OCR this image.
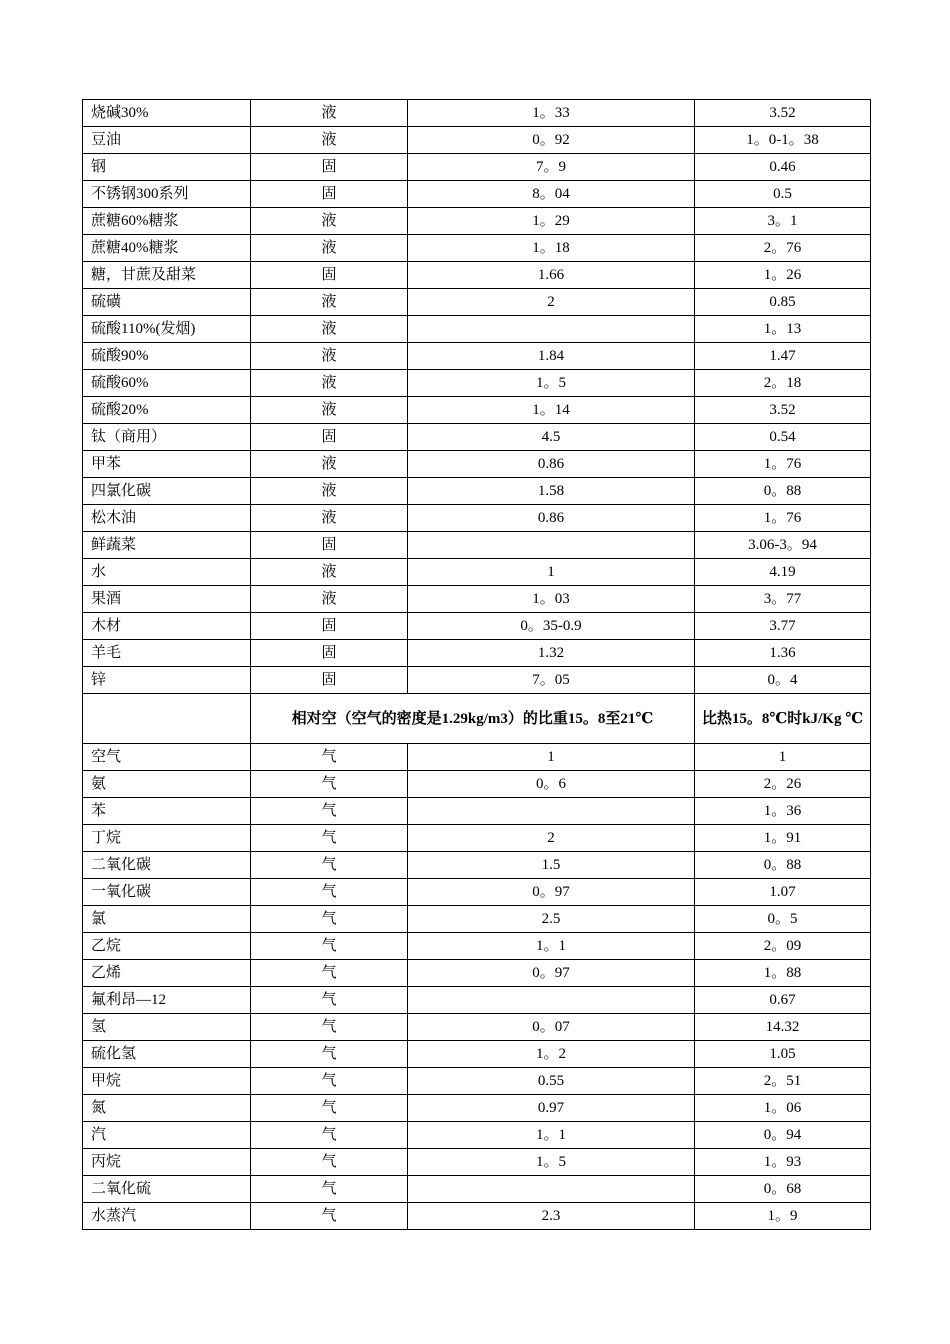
烧碱30%	液	1。33	3.52
豆油	液	0。92	1。0-1。38
钢	固	7。9	0.46
不锈钢300系列	固	8。04	0.5
蔗糖60%糖浆	液	1。29	3。1
蔗糖40%糖浆	液	1。18	2。76
糖，甘蔗及甜菜	固	1.66	1。26
硫磺	液	2	0.85
硫酸110%(发烟)	液		1。13
硫酸90%	液	1.84	1.47
硫酸60%	液	1。5	2。18
硫酸20%	液	1。14	3.52
钛（商用）	固	4.5	0.54
甲苯	液	0.86	1。76
四氯化碳	液	1.58	0。88
松木油	液	0.86	1。76
鲜蔬菜	固		3.06-3。94
水	液	1	4.19
果酒	液	1。03	3。77
木材	固	0。35-0.9	3.77
羊毛	固	1.32	1.36
锌	固	7。05	0。4
	相对空（空气的密度是1.29kg/m3）的比重15。8至21℃		比热15。8℃时kJ/Kg ℃
空气	气	1	1
氨	气	0。6	2。26
苯	气		1。36
丁烷	气	2	1。91
二氧化碳	气	1.5	0。88
一氧化碳	气	0。97	1.07
氯	气	2.5	0。5
乙烷	气	1。1	2。09
乙烯	气	0。97	1。88
氟利昂—12	气		0.67
氢	气	0。07	14.32
硫化氢	气	1。2	1.05
甲烷	气	0.55	2。51
氮	气	0.97	1。06
汽	气	1。1	0。94
丙烷	气	1。5	1。93
二氧化硫	气		0。68
水蒸汽	气	2.3	1。9
